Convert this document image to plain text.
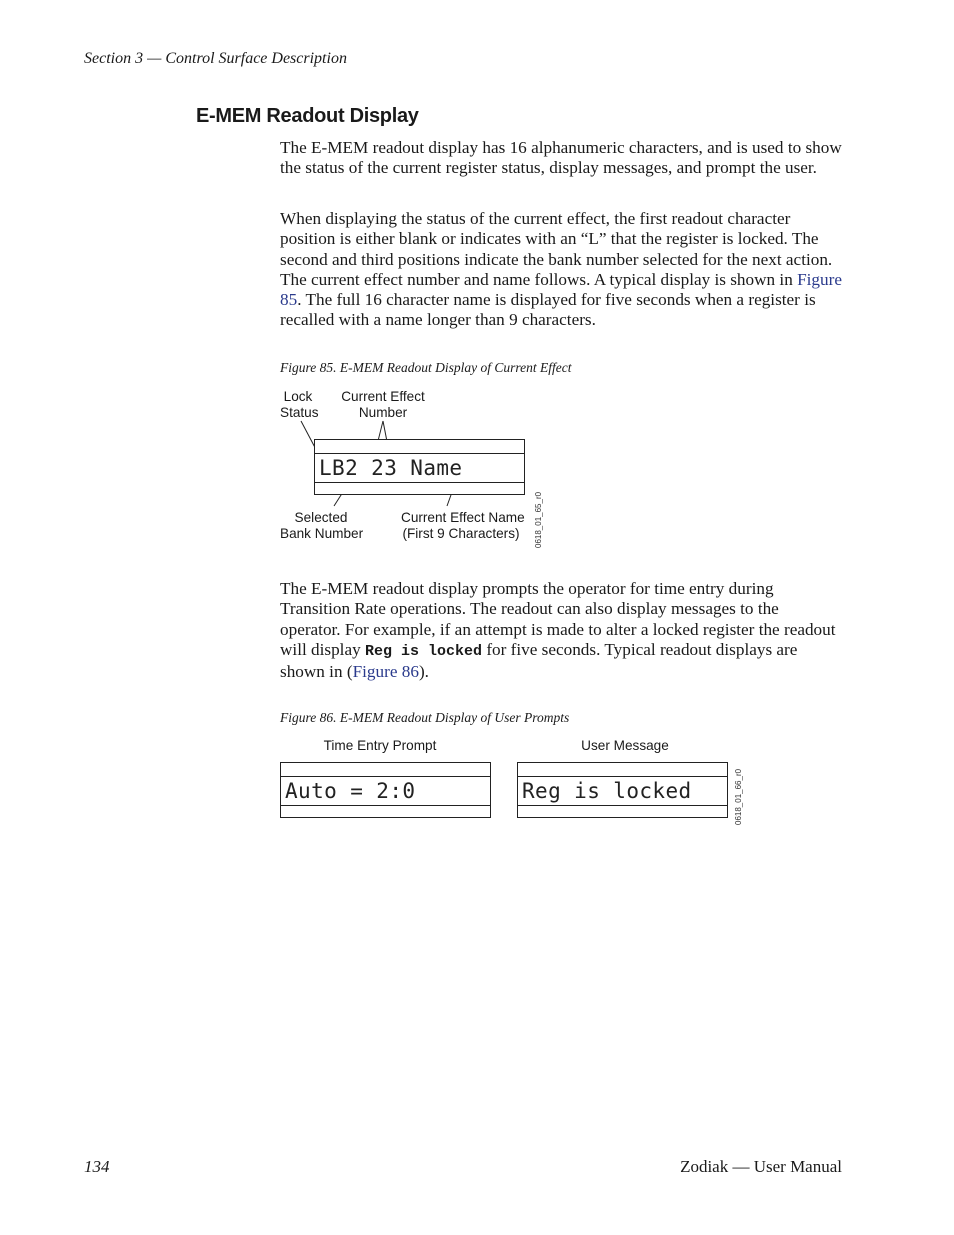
Section 3 — Control Surface Description
E-MEM Readout Display

The E-MEM readout display has 16 alphanumeric characters, and is used to show the status of the current register status, display messages, and prompt the user.

When displaying the status of the current effect, the first readout character position is either blank or indicates with an “L” that the register is locked. The second and third positions indicate the bank number selected for the next action. The current effect number and name follows. A typical display is shown in Figure 85. The full 16 character name is displayed for five seconds when a register is recalled with a name longer than 9 characters.

Figure 85. E-MEM Readout Display of Current Effect
Lock
Status
Current Effect
Number
LB2 23 Name
Selected
Bank Number
Current Effect Name
(First 9 Characters) 0618_01_65_r0

The E-MEM readout display prompts the operator for time entry during Transition Rate operations. The readout can also display messages to the operator. For example, if an attempt is made to alter a locked register the readout will display Reg is locked for five seconds. Typical readout displays are shown in (Figure 86).

Figure 86. E-MEM Readout Display of User Prompts
Time Entry Prompt	User Message
Auto = 2:0	Reg is locked	0618_01_66_r0
134	Zodiak — User Manual
